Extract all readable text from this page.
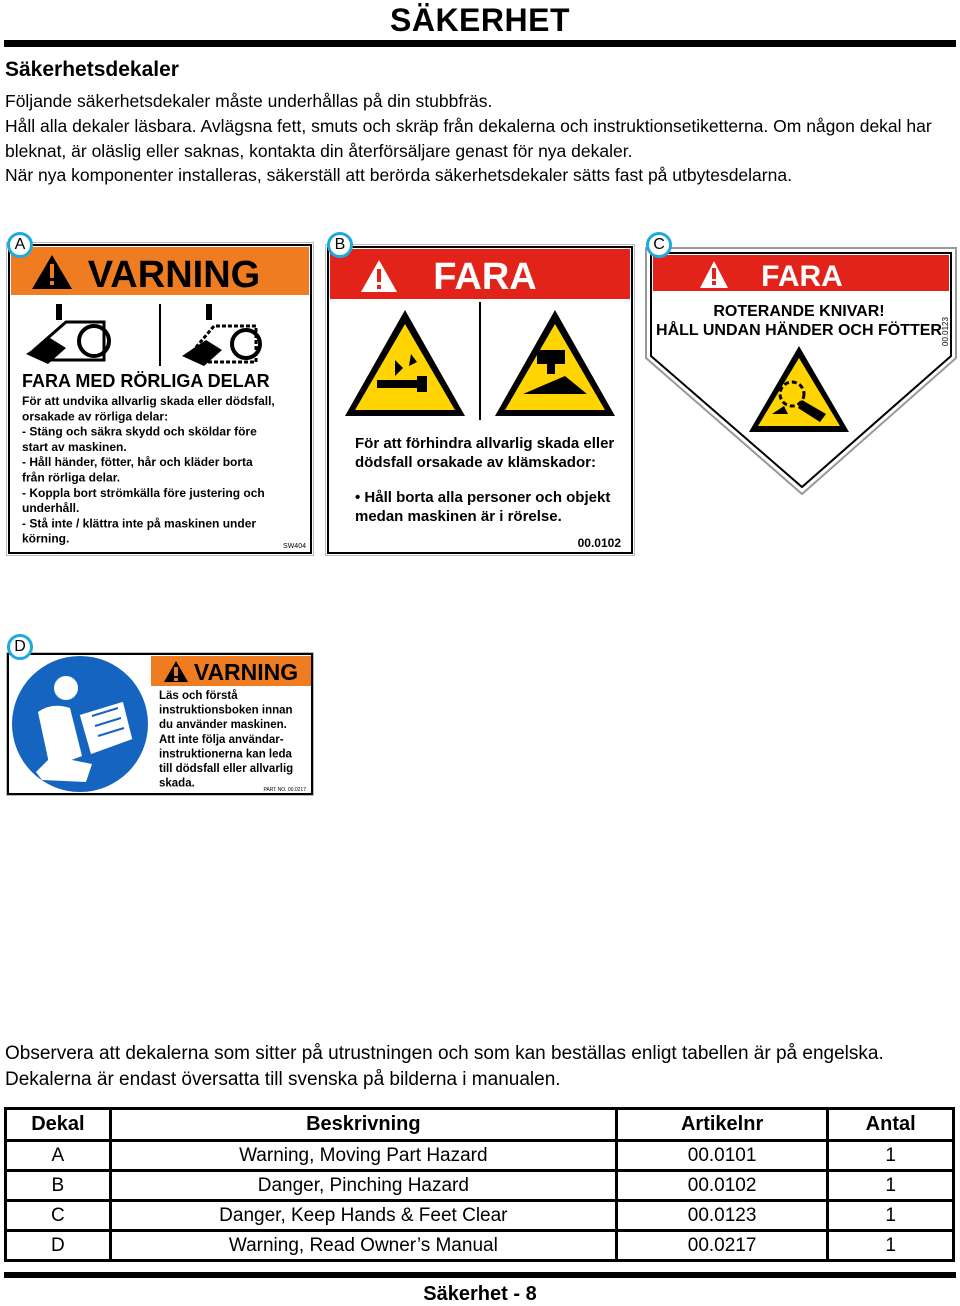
SÄKERHET
Säkerhetsdekaler
Följande säkerhetsdekaler måste underhållas på din stubbfräs.
Håll alla dekaler läsbara. Avlägsna fett, smuts och skräp från dekalerna och instruktionsetiketterna. Om någon dekal har bleknat, är oläslig eller saknas, kontakta din återförsäljare genast för nya dekaler.
När nya komponenter installeras, säkerställ att berörda säkerhetsdekaler sätts fast på utbytesdelarna.
VARNING
FARA MED RÖRLIGA DELAR
För att undvika allvarlig skada eller dödsfall,
orsakade av rörliga delar:
- Stäng och säkra skydd och sköldar före
start av maskinen.
- Håll händer, fötter, hår och kläder borta
från rörliga delar.
- Koppla bort strömkälla före justering och
underhåll.
- Stå inte / klättra inte på maskinen under
körning.
SW404
A
FARA
För att förhindra allvarlig skada eller
dödsfall orsakade av klämskador:
• Håll borta alla personer och objekt
medan maskinen är i rörelse.
00.0102
B
FARA
ROTERANDE KNIVAR!
HÅLL UNDAN HÄNDER OCH FÖTTER 00.0123
C
VARNING
Läs och förstå
instruktionsboken innan
du använder maskinen.
Att inte följa användar-
instruktionerna kan leda
till dödsfall eller allvarlig
skada.
PART NO. 00.0217
D
Observera att dekalerna som sitter på utrustningen och som kan beställas enligt tabellen är på engelska. Dekalerna är endast översatta till svenska på bilderna i manualen.
Dekal	Beskrivning	Artikelnr	Antal
A	Warning, Moving Part Hazard	00.0101	1
B	Danger, Pinching Hazard	00.0102	1
C	Danger, Keep Hands & Feet Clear	00.0123	1
D	Warning, Read Owner’s Manual	00.0217	1
Säkerhet - 8
